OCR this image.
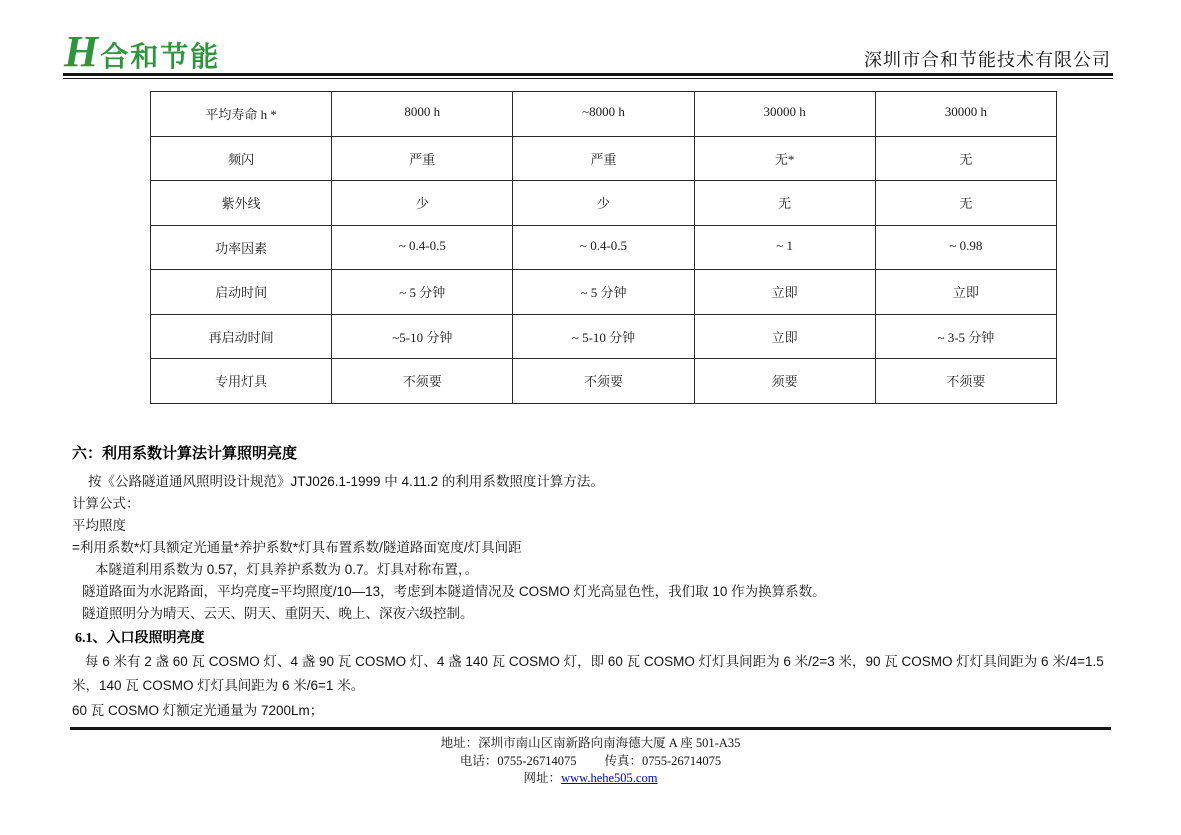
H 合和节能	深圳市合和节能技术有限公司
平均寿命 h *	8000 h	~8000 h	30000 h	30000 h
频闪	严重	严重	无*	无
紫外线	少	少	无	无
功率因素	~ 0.4-0.5	~ 0.4-0.5	~ 1	~ 0.98
启动时间	~ 5 分钟	~ 5 分钟	立即	立即
再启动时间	~5-10 分钟	~ 5-10 分钟	立即	~ 3-5 分钟
专用灯具	不须要	不须要	须要	不须要
六：利用系数计算法计算照明亮度
按《公路隧道通风照明设计规范》JTJ026.1-1999 中 4.11.2 的利用系数照度计算方法。
计算公式：
平均照度
=利用系数*灯具额定光通量*养护系数*灯具布置系数/隧道路面宽度/灯具间距
本隧道利用系数为 0.57，灯具养护系数为 0.7。灯具对称布置，。
隧道路面为水泥路面，平均亮度=平均照度/10—13，考虑到本隧道情况及 COSMO 灯光高显色性，我们取 10 作为换算系数。
隧道照明分为晴天、云天、阴天、重阴天、晚上、深夜六级控制。
6.1、入口段照明亮度
每 6 米有 2 盏 60 瓦 COSMO 灯、4 盏 90 瓦 COSMO 灯、4 盏 140 瓦 COSMO 灯，即 60 瓦 COSMO 灯灯具间距为 6 米/2=3 米，90 瓦 COSMO 灯灯具间距为 6 米/4=1.5 米，140 瓦 COSMO 灯灯具间距为 6 米/6=1 米。
60 瓦 COSMO 灯额定光通量为 7200Lm；
地址：深圳市南山区南新路向南海德大厦 A 座 501-A35
电话：0755-26714075 传真：0755-26714075
网址：www.hehe505.com
